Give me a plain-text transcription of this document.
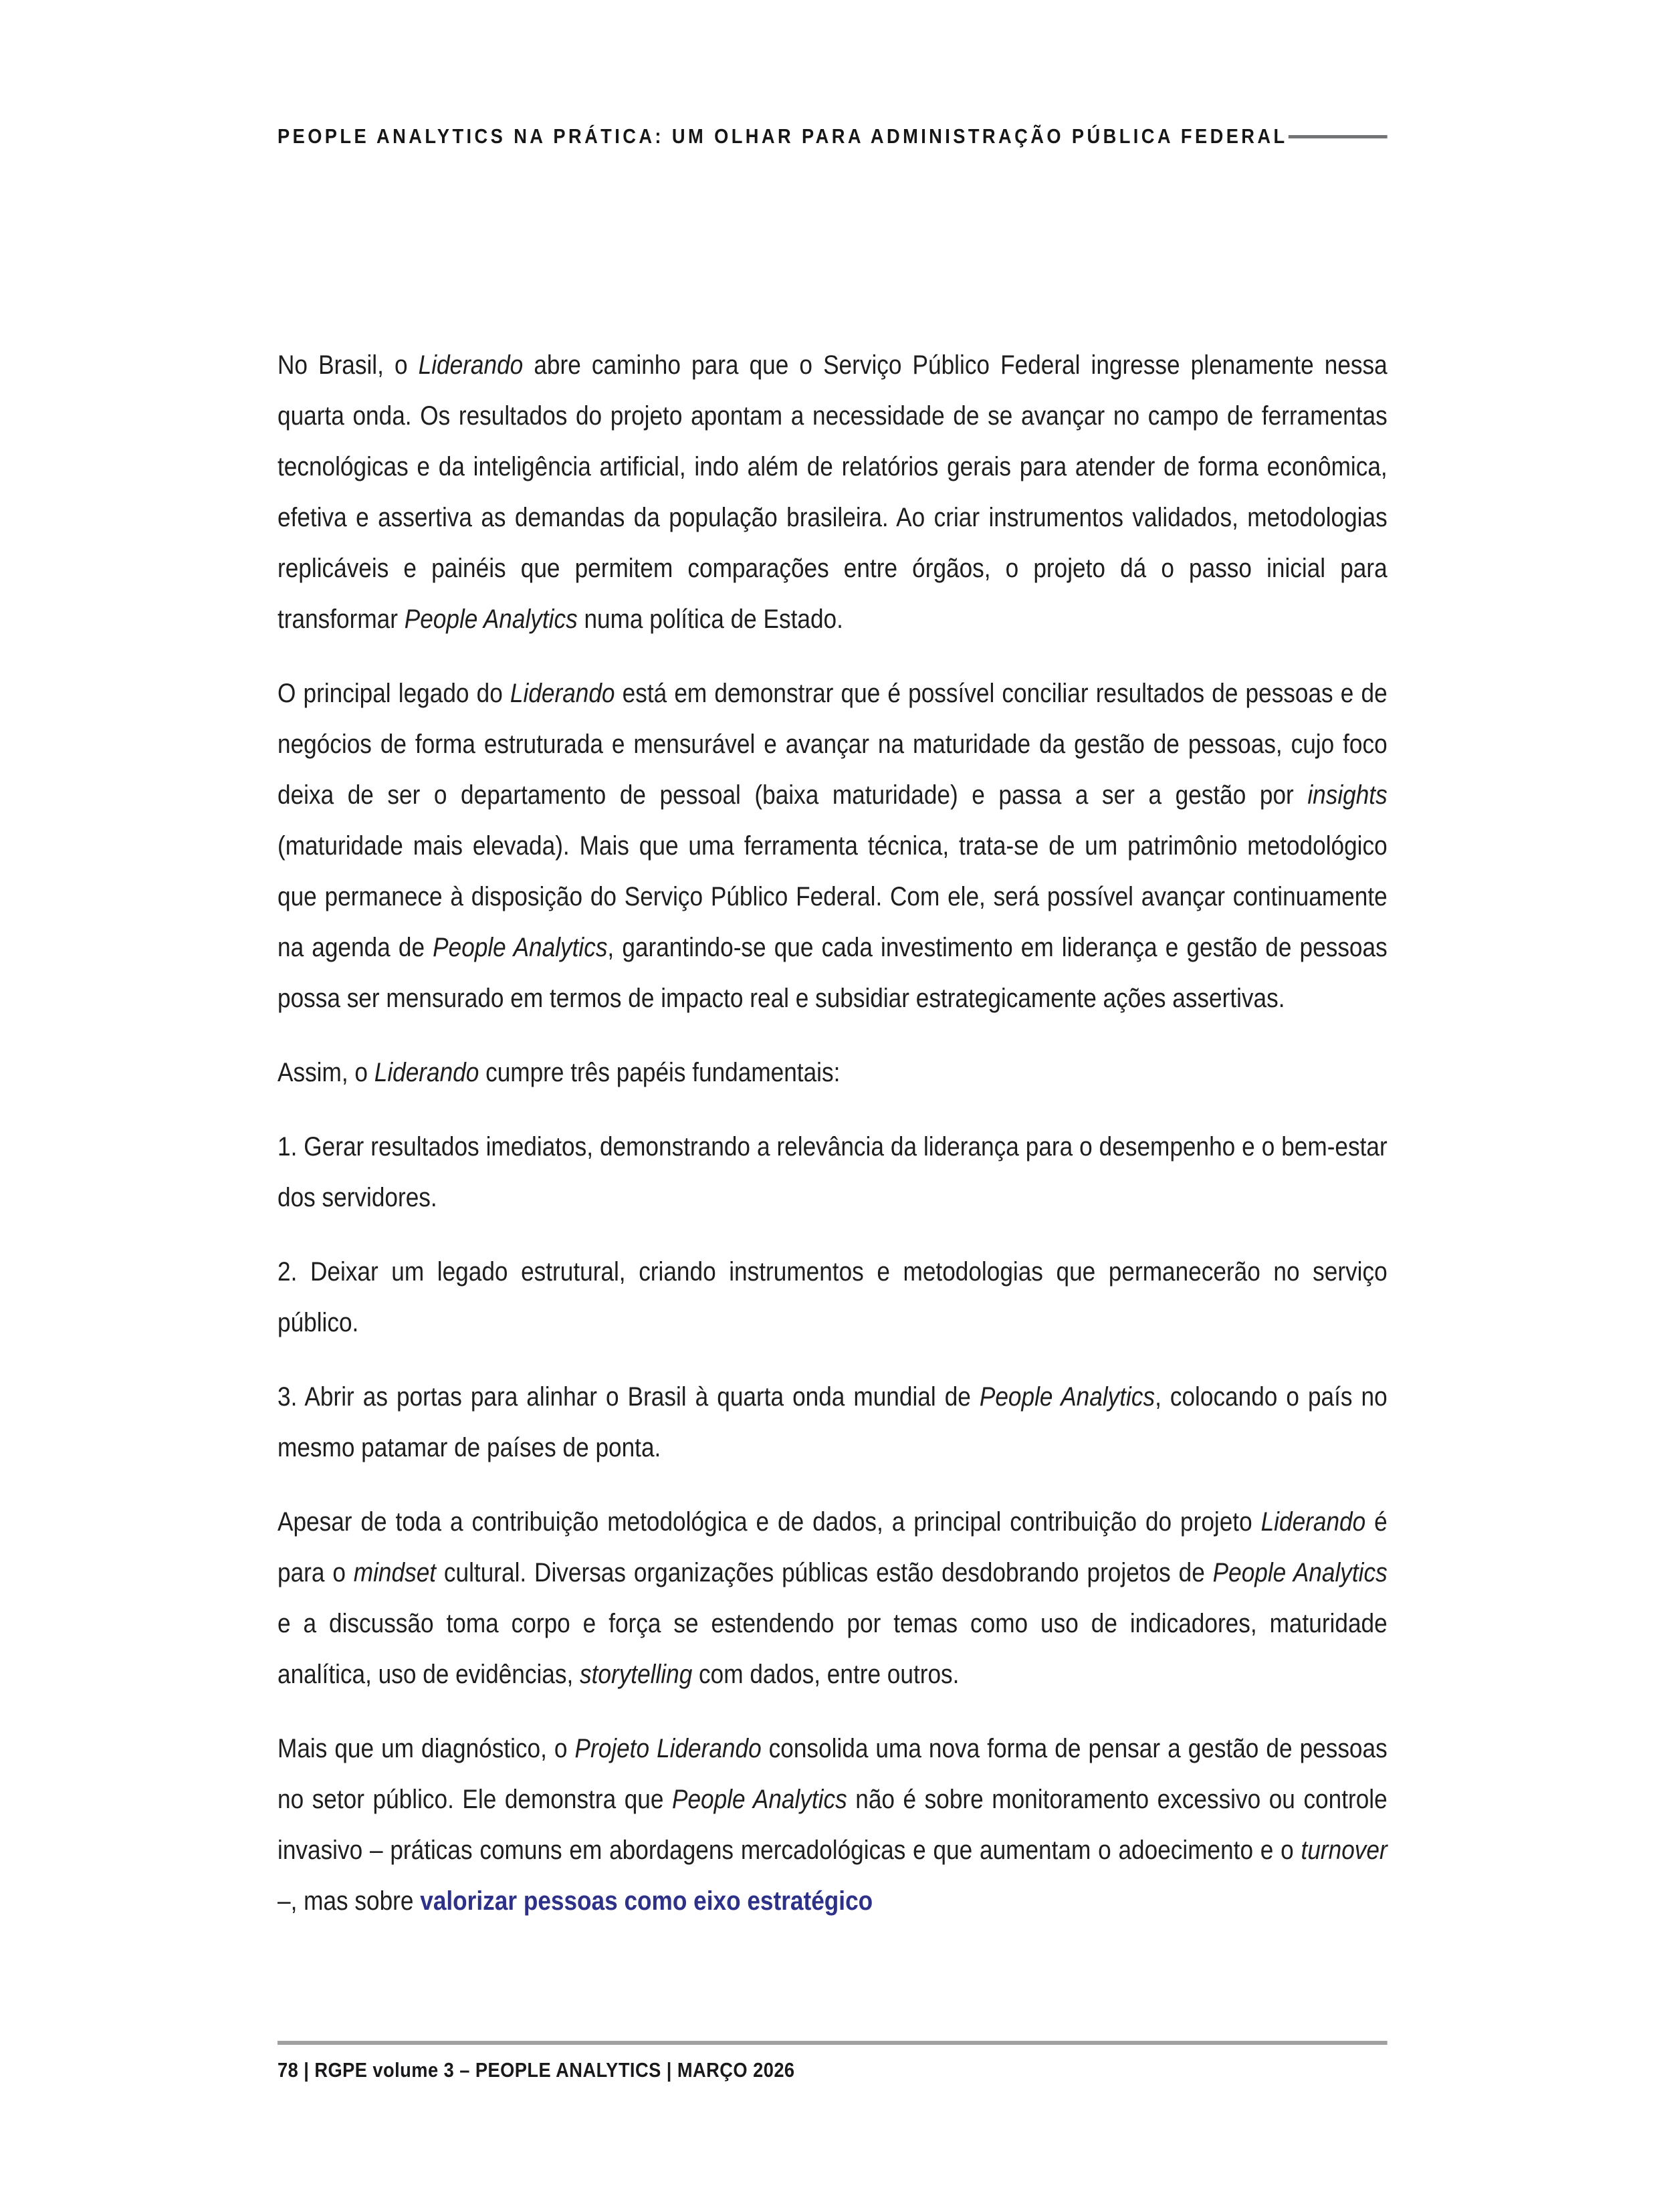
PEOPLE ANALYTICS NA PRÁTICA: UM OLHAR PARA ADMINISTRAÇÃO PÚBLICA FEDERAL

No Brasil, o Liderando abre caminho para que o Serviço Público Federal ingresse plenamente nessa quarta onda. Os resultados do projeto apontam a necessidade de se avançar no campo de ferramentas tecnológicas e da inteligência artificial, indo além de relatórios gerais para atender de forma econômica, efetiva e assertiva as demandas da população brasileira. Ao criar instrumentos validados, metodologias replicáveis e painéis que permitem comparações entre órgãos, o projeto dá o passo inicial para transformar People Analytics numa política de Estado.

O principal legado do Liderando está em demonstrar que é possível conciliar resultados de pessoas e de negócios de forma estruturada e mensurável e avançar na maturidade da gestão de pessoas, cujo foco deixa de ser o departamento de pessoal (baixa maturidade) e passa a ser a gestão por insights (maturidade mais elevada). Mais que uma ferramenta técnica, trata-se de um patrimônio metodológico que permanece à disposição do Serviço Público Federal. Com ele, será possível avançar continuamente na agenda de People Analytics, garantindo-se que cada investimento em liderança e gestão de pessoas possa ser mensurado em termos de impacto real e subsidiar estrategicamente ações assertivas.

Assim, o Liderando cumpre três papéis fundamentais:

1. Gerar resultados imediatos, demonstrando a relevância da liderança para o desempenho e o bem-estar dos servidores.

2. Deixar um legado estrutural, criando instrumentos e metodologias que permanecerão no serviço público.

3. Abrir as portas para alinhar o Brasil à quarta onda mundial de People Analytics, colocando o país no mesmo patamar de países de ponta.

Apesar de toda a contribuição metodológica e de dados, a principal contribuição do projeto Liderando é para o mindset cultural. Diversas organizações públicas estão desdobrando projetos de People Analytics e a discussão toma corpo e força se estendendo por temas como uso de indicadores, maturidade analítica, uso de evidências, storytelling com dados, entre outros.

Mais que um diagnóstico, o Projeto Liderando consolida uma nova forma de pensar a gestão de pessoas no setor público. Ele demonstra que People Analytics não é sobre monitoramento excessivo ou controle invasivo – práticas comuns em abordagens mercadológicas e que aumentam o adoecimento e o turnover –, mas sobre valorizar pessoas como eixo estratégico

78 | RGPE volume 3 – PEOPLE ANALYTICS | MARÇO 2026
